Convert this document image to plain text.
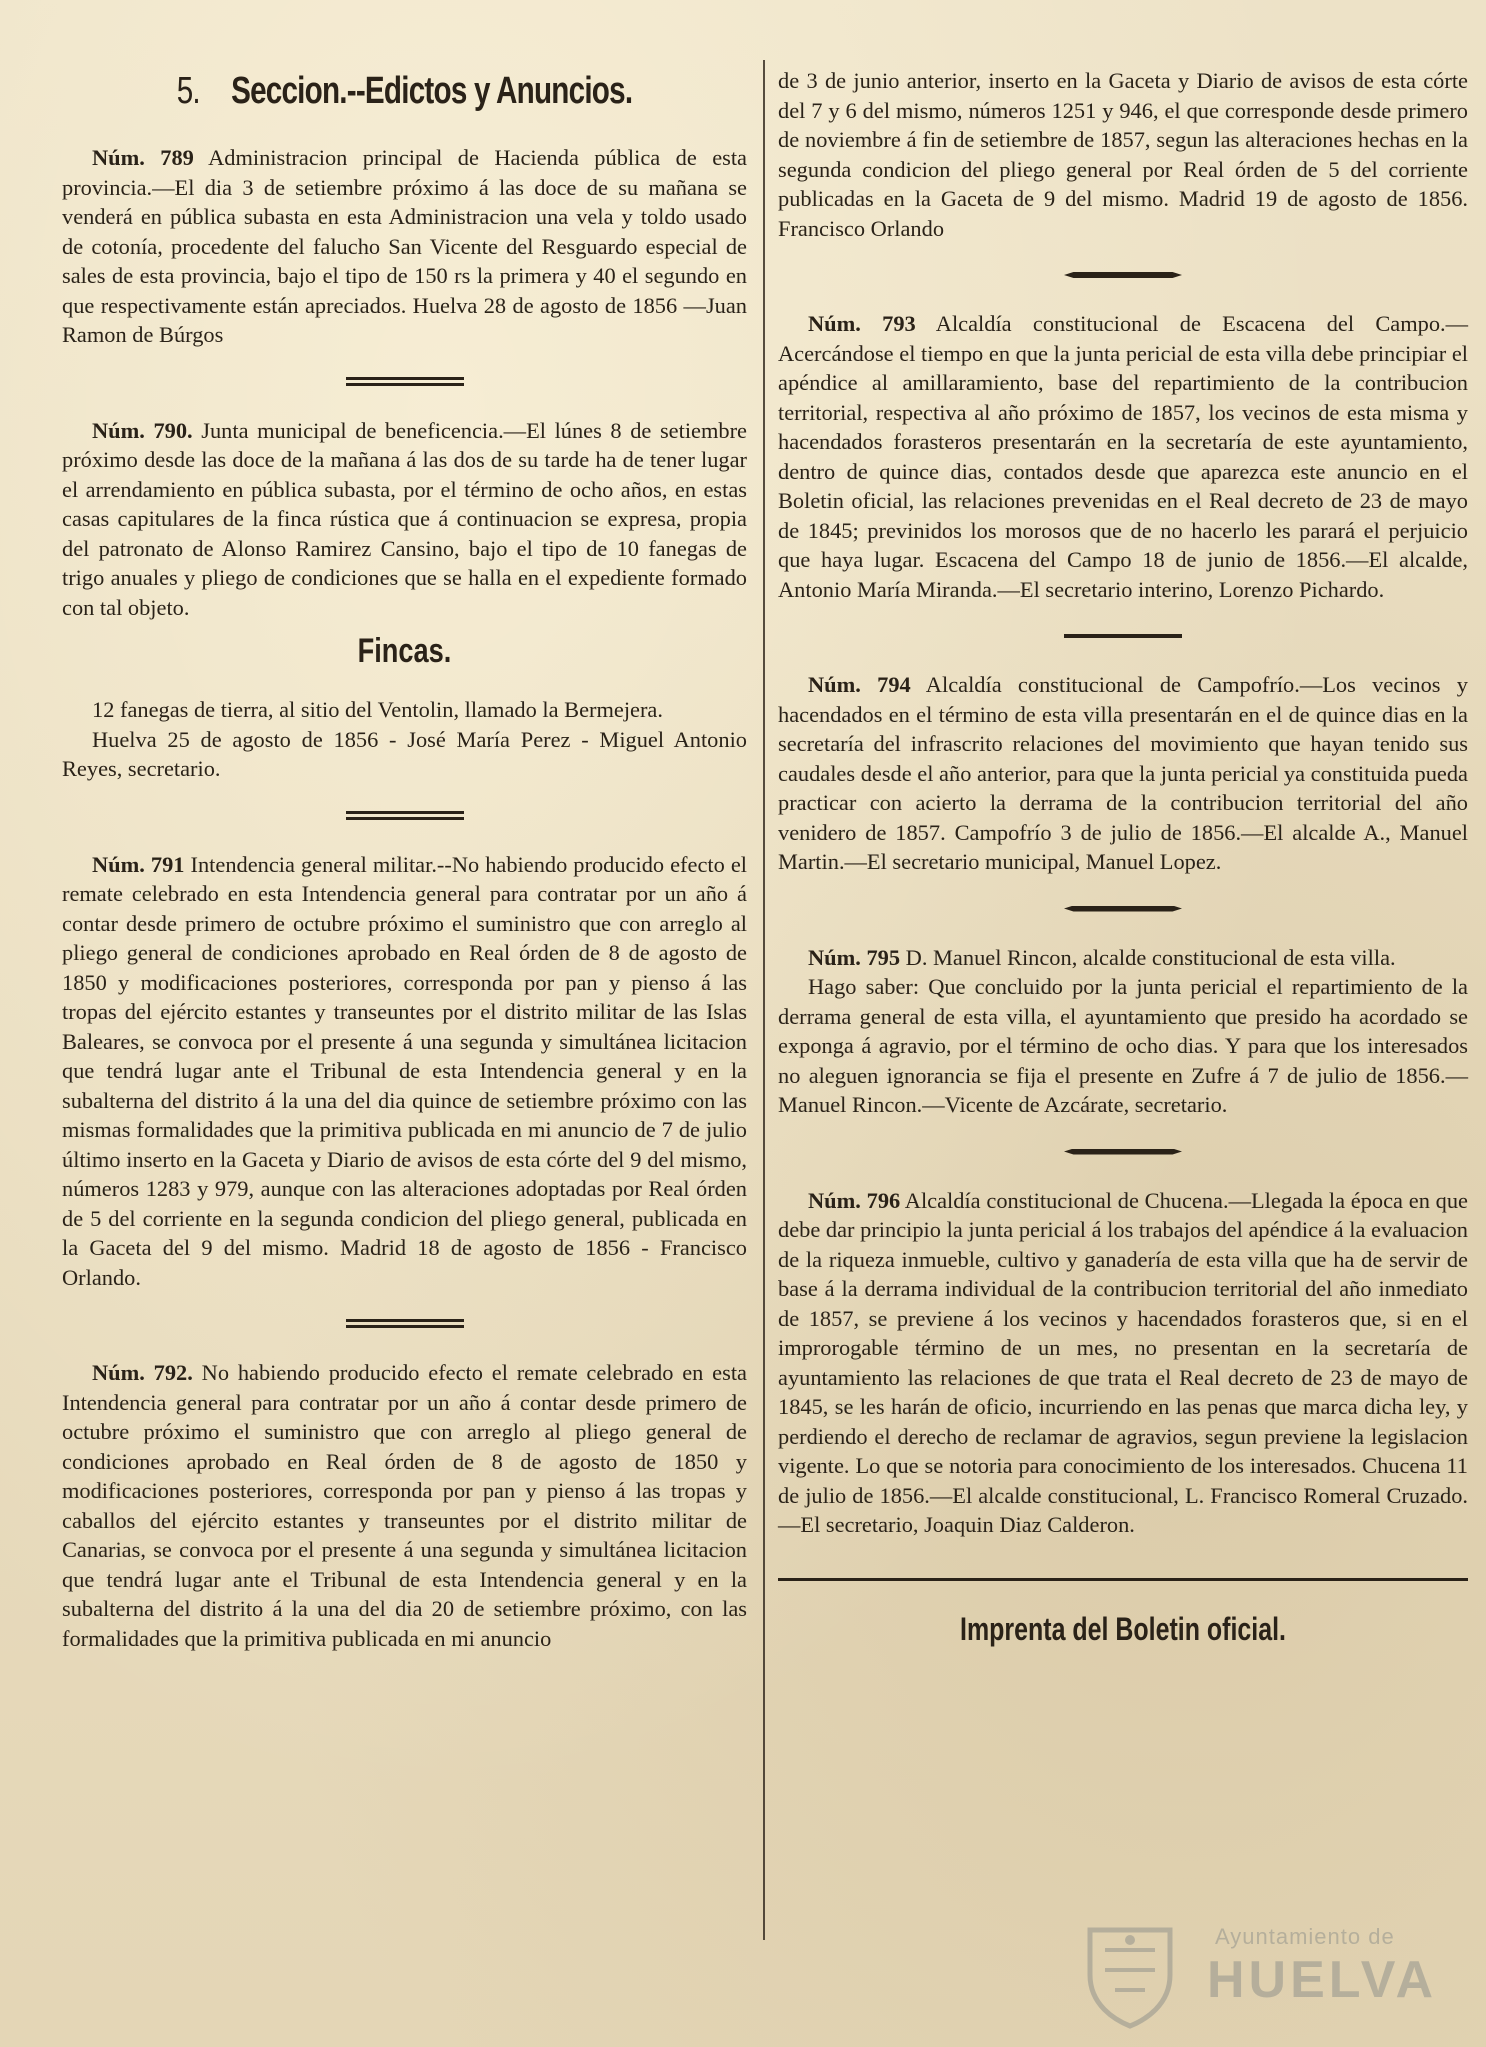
5. Seccion.--Edictos y Anuncios.

Núm. 789 Administracion principal de Hacienda pública de esta provincia.—El dia 3 de setiembre próximo á las doce de su mañana se venderá en pública subasta en esta Administracion una vela y toldo usado de cotonía, procedente del falucho San Vicente del Resguardo especial de sales de esta provincia, bajo el tipo de 150 rs la primera y 40 el segundo en que respectivamente están apreciados. Huelva 28 de agosto de 1856 —Juan Ramon de Búrgos

Núm. 790. Junta municipal de beneficencia.—El lúnes 8 de setiembre próximo desde las doce de la mañana á las dos de su tarde ha de tener lugar el arrendamiento en pública subasta, por el término de ocho años, en estas casas capitulares de la finca rústica que á continuacion se expresa, propia del patronato de Alonso Ramirez Cansino, bajo el tipo de 10 fanegas de trigo anuales y pliego de condiciones que se halla en el expediente formado con tal objeto.

Fincas.

12 fanegas de tierra, al sitio del Ventolin, llamado la Bermejera.

Huelva 25 de agosto de 1856 - José María Perez - Miguel Antonio Reyes, secretario.

Núm. 791 Intendencia general militar.--No habiendo producido efecto el remate celebrado en esta Intendencia general para contratar por un año á contar desde primero de octubre próximo el suministro que con arreglo al pliego general de condiciones aprobado en Real órden de 8 de agosto de 1850 y modificaciones posteriores, corresponda por pan y pienso á las tropas del ejército estantes y transeuntes por el distrito militar de las Islas Baleares, se convoca por el presente á una segunda y simultánea licitacion que tendrá lugar ante el Tribunal de esta Intendencia general y en la subalterna del distrito á la una del dia quince de setiembre próximo con las mismas formalidades que la primitiva publicada en mi anuncio de 7 de julio último inserto en la Gaceta y Diario de avisos de esta córte del 9 del mismo, números 1283 y 979, aunque con las alteraciones adoptadas por Real órden de 5 del corriente en la segunda condicion del pliego general, publicada en la Gaceta del 9 del mismo. Madrid 18 de agosto de 1856 - Francisco Orlando.

Núm. 792. No habiendo producido efecto el remate celebrado en esta Intendencia general para contratar por un año á contar desde primero de octubre próximo el suministro que con arreglo al pliego general de condiciones aprobado en Real órden de 8 de agosto de 1850 y modificaciones posteriores, corresponda por pan y pienso á las tropas y caballos del ejército estantes y transeuntes por el distrito militar de Canarias, se convoca por el presente á una segunda y simultánea licitacion que tendrá lugar ante el Tribunal de esta Intendencia general y en la subalterna del distrito á la una del dia 20 de setiembre próximo, con las formalidades que la primitiva publicada en mi anuncio

de 3 de junio anterior, inserto en la Gaceta y Diario de avisos de esta córte del 7 y 6 del mismo, números 1251 y 946, el que corresponde desde primero de noviembre á fin de setiembre de 1857, segun las alteraciones hechas en la segunda condicion del pliego general por Real órden de 5 del corriente publicadas en la Gaceta de 9 del mismo. Madrid 19 de agosto de 1856. Francisco Orlando

Núm. 793 Alcaldía constitucional de Escacena del Campo.—Acercándose el tiempo en que la junta pericial de esta villa debe principiar el apéndice al amillaramiento, base del repartimiento de la contribucion territorial, respectiva al año próximo de 1857, los vecinos de esta misma y hacendados forasteros presentarán en la secretaría de este ayuntamiento, dentro de quince dias, contados desde que aparezca este anuncio en el Boletin oficial, las relaciones prevenidas en el Real decreto de 23 de mayo de 1845; previnidos los morosos que de no hacerlo les parará el perjuicio que haya lugar. Escacena del Campo 18 de junio de 1856.—El alcalde, Antonio María Miranda.—El secretario interino, Lorenzo Pichardo.

Núm. 794 Alcaldía constitucional de Campofrío.—Los vecinos y hacendados en el término de esta villa presentarán en el de quince dias en la secretaría del infrascrito relaciones del movimiento que hayan tenido sus caudales desde el año anterior, para que la junta pericial ya constituida pueda practicar con acierto la derrama de la contribucion territorial del año venidero de 1857. Campofrío 3 de julio de 1856.—El alcalde A., Manuel Martin.—El secretario municipal, Manuel Lopez.

Núm. 795 D. Manuel Rincon, alcalde constitucional de esta villa.

Hago saber: Que concluido por la junta pericial el repartimiento de la derrama general de esta villa, el ayuntamiento que presido ha acordado se exponga á agravio, por el término de ocho dias. Y para que los interesados no aleguen ignorancia se fija el presente en Zufre á 7 de julio de 1856.—Manuel Rincon.—Vicente de Azcárate, secretario.

Núm. 796 Alcaldía constitucional de Chucena.—Llegada la época en que debe dar principio la junta pericial á los trabajos del apéndice á la evaluacion de la riqueza inmueble, cultivo y ganadería de esta villa que ha de servir de base á la derrama individual de la contribucion territorial del año inmediato de 1857, se previene á los vecinos y hacendados forasteros que, si en el improrogable término de un mes, no presentan en la secretaría de ayuntamiento las relaciones de que trata el Real decreto de 23 de mayo de 1845, se les harán de oficio, incurriendo en las penas que marca dicha ley, y perdiendo el derecho de reclamar de agravios, segun previene la legislacion vigente. Lo que se notoria para conocimiento de los interesados. Chucena 11 de julio de 1856.—El alcalde constitucional, L. Francisco Romeral Cruzado.—El secretario, Joaquin Diaz Calderon.

Imprenta del Boletin oficial.
Ayuntamiento de
HUELVA
